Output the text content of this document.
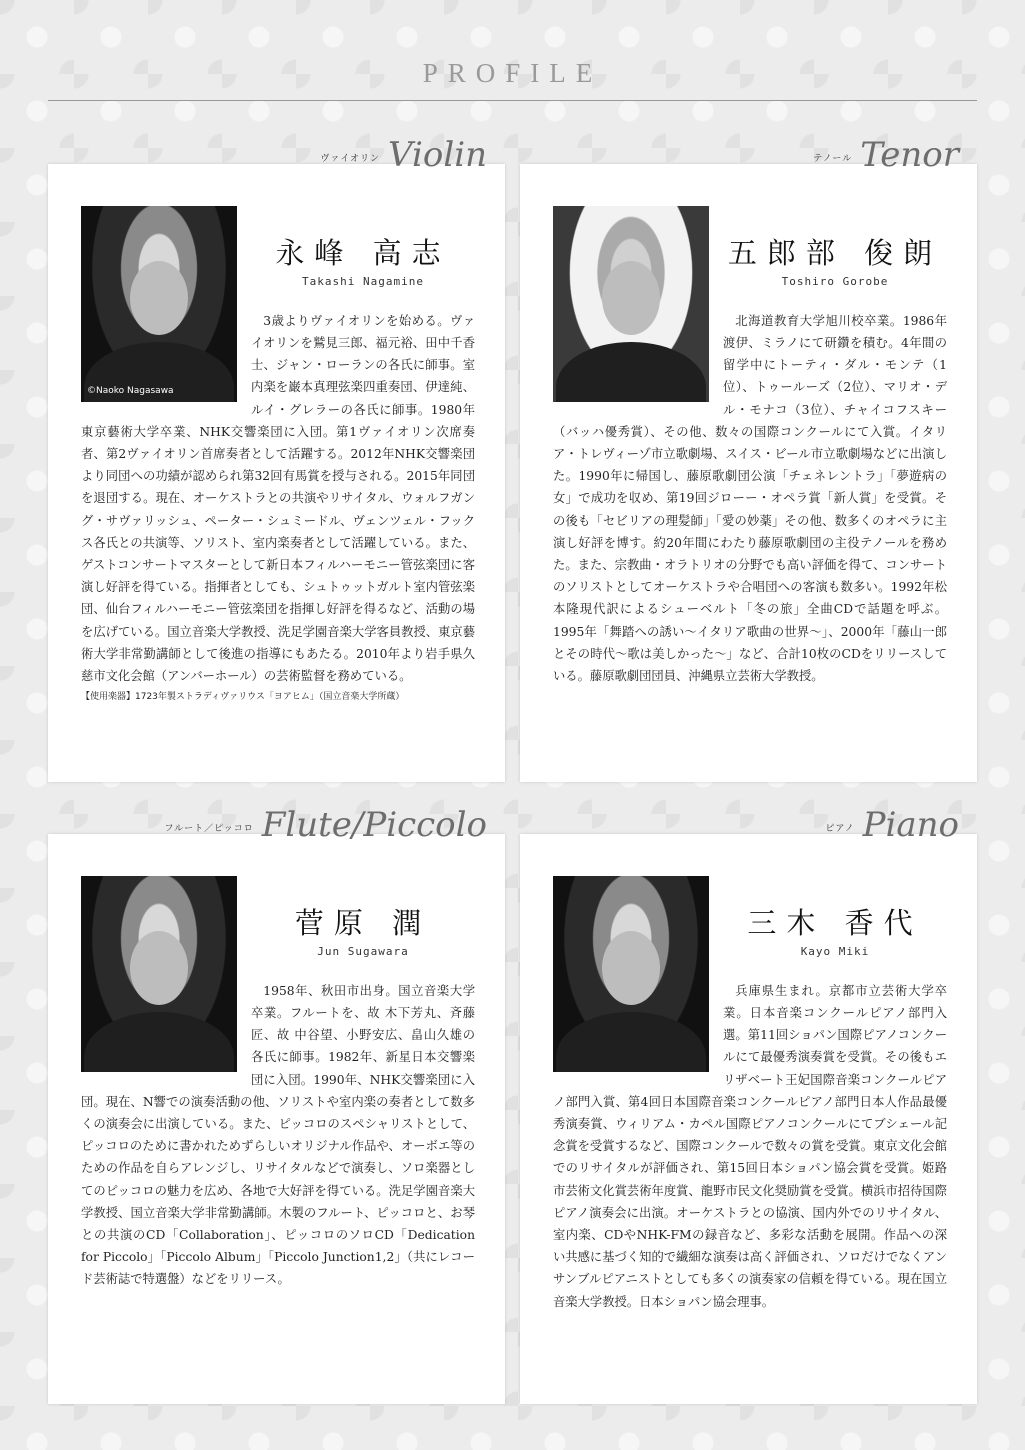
PROFILE
ヴァイオリン Violin
©Naoko Nagasawa
永峰 高志
Takashi Nagamine

3歳よりヴァイオリンを始める。ヴァイオリンを鷲見三郎、福元裕、田中千香士、ジャン・ローランの各氏に師事。室内楽を巌本真理弦楽四重奏団、伊達純、ルイ・グレラーの各氏に師事。1980年東京藝術大学卒業、NHK交響楽団に入団。第1ヴァイオリン次席奏者、第2ヴァイオリン首席奏者として活躍する。2012年NHK交響楽団より同団への功績が認められ第32回有馬賞を授与される。2015年同団を退団する。現在、オーケストラとの共演やリサイタル、ウォルフガング・サヴァリッシュ、ペーター・シュミードル、ヴェンツェル・フックス各氏との共演等、ソリスト、室内楽奏者として活躍している。また、ゲストコンサートマスターとして新日本フィルハーモニー管弦楽団に客演し好評を得ている。指揮者としても、シュトゥットガルト室内管弦楽団、仙台フィルハーモニー管弦楽団を指揮し好評を得るなど、活動の場を広げている。国立音楽大学教授、洗足学園音楽大学客員教授、東京藝術大学非常勤講師として後進の指導にもあたる。2010年より岩手県久慈市文化会館（アンバーホール）の芸術監督を務めている。

【使用楽器】1723年製ストラディヴァリウス「ヨアヒム」（国立音楽大学所蔵）

テノール Tenor
五郎部 俊朗
Toshiro Gorobe

北海道教育大学旭川校卒業。1986年渡伊、ミラノにて研鑽を積む。4年間の留学中にトーティ・ダル・モンテ（1位）、トゥールーズ（2位）、マリオ・デル・モナコ（3位）、チャイコフスキー（バッハ優秀賞）、その他、数々の国際コンクールにて入賞。イタリア・トレヴィーゾ市立歌劇場、スイス・ビール市立歌劇場などに出演した。1990年に帰国し、藤原歌劇団公演「チェネレントラ」「夢遊病の女」で成功を収め、第19回ジローー・オペラ賞「新人賞」を受賞。その後も「セビリアの理髪師」「愛の妙薬」その他、数多くのオペラに主演し好評を博す。約20年間にわたり藤原歌劇団の主役テノールを務めた。また、宗教曲・オラトリオの分野でも高い評価を得て、コンサートのソリストとしてオーケストラや合唱団への客演も数多い。1992年松本隆現代訳によるシューベルト「冬の旅」全曲CDで話題を呼ぶ。1995年「舞踏への誘い〜イタリア歌曲の世界〜」、2000年「藤山一郎とその時代〜歌は美しかった〜」など、合計10枚のCDをリリースしている。藤原歌劇団団員、沖縄県立芸術大学教授。

フルート／ピッコロ Flute/Piccolo
菅原 潤
Jun Sugawara

1958年、秋田市出身。国立音楽大学卒業。フルートを、故 木下芳丸、斉藤匠、故 中谷望、小野安広、畠山久雄の各氏に師事。1982年、新星日本交響楽団に入団。1990年、NHK交響楽団に入団。現在、N響での演奏活動の他、ソリストや室内楽の奏者として数多くの演奏会に出演している。また、ピッコロのスペシャリストとして、ピッコロのために書かれためずらしいオリジナル作品や、オーボエ等のための作品を自らアレンジし、リサイタルなどで演奏し、ソロ楽器としてのピッコロの魅力を広め、各地で大好評を得ている。洗足学園音楽大学教授、国立音楽大学非常勤講師。木製のフルート、ピッコロと、お琴との共演のCD「Collaboration」、ピッコロのソロCD「Dedication for Piccolo」「Piccolo Album」「Piccolo Junction1,2」（共にレコード芸術誌で特選盤）などをリリース。

ピアノ Piano
三木 香代
Kayo Miki

兵庫県生まれ。京都市立芸術大学卒業。日本音楽コンクールピアノ部門入選。第11回ショパン国際ピアノコンクールにて最優秀演奏賞を受賞。その後もエリザベート王妃国際音楽コンクールピアノ部門入賞、第4回日本国際音楽コンクールピアノ部門日本人作品最優秀演奏賞、ウィリアム・カペル国際ピアノコンクールにてブシェール記念賞を受賞するなど、国際コンクールで数々の賞を受賞。東京文化会館でのリサイタルが評価され、第15回日本ショパン協会賞を受賞。姫路市芸術文化賞芸術年度賞、龍野市民文化奨励賞を受賞。横浜市招待国際ピアノ演奏会に出演。オーケストラとの協演、国内外でのリサイタル、室内楽、CDやNHK-FMの録音など、多彩な活動を展開。作品への深い共感に基づく知的で繊細な演奏は高く評価され、ソロだけでなくアンサンブルピアニストとしても多くの演奏家の信頼を得ている。現在国立音楽大学教授。日本ショパン協会理事。
